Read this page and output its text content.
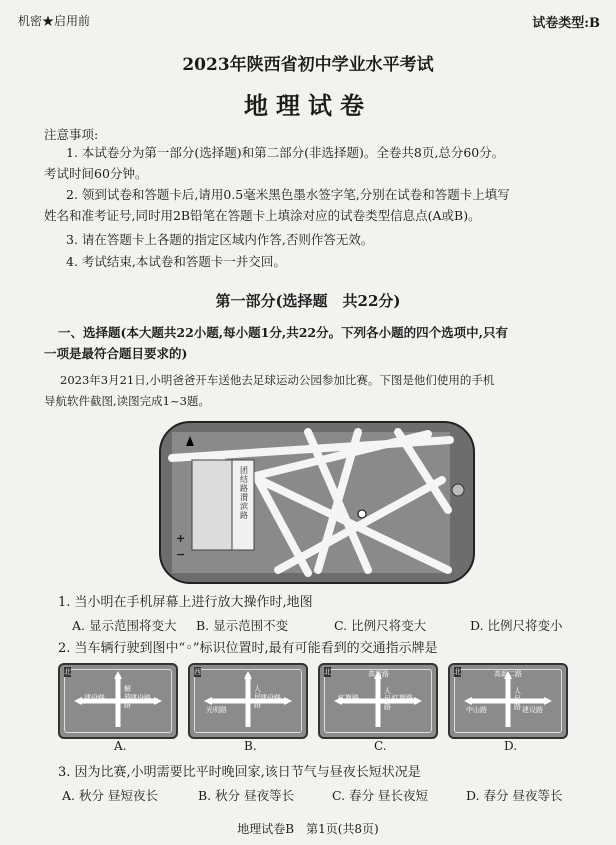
机密★启用前	试卷类型:B
2023年陕西省初中学业水平考试
地理试卷
注意事项:
1. 本试卷分为第一部分(选择题)和第二部分(非选择题)。全卷共8页,总分60分。
考试时间60分钟。
2. 领到试卷和答题卡后,请用0.5毫米黑色墨水签字笔,分别在试卷和答题卡上填写
姓名和准考证号,同时用2B铅笔在答题卡上填涂对应的试卷类型信息点(A或B)。
3. 请在答题卡上各题的指定区域内作答,否则作答无效。
4. 考试结束,本试卷和答题卡一并交回。
第一部分(选择题　共22分)
一、选择题(本大题共22小题,每小题1分,共22分。下列各小题的四个选项中,只有
一项是最符合题目要求的)
2023年3月21日,小明爸爸开车送他去足球运动公园参加比赛。下图是他们使用的手机
导航软件截图,读图完成1~3题。
团结路渭滨路
+
−
1. 当小明在手机屏幕上进行放大操作时,地图
A. 显示范围将变大 B. 显示范围不变	C. 比例尺将变大	D. 比例尺将变小
2. 当车辆行驶到图中“◦”标识位置时,最有可能看到的交通指示牌是
北
建设路	建设路
解放路
A.
西
光明路
建设路
人民路
B.
北	高新路
红旗路	红旗路
人民路
C.
北	高新二路
中山路	建设路
人民路
D.
3. 因为比赛,小明需要比平时晚回家,该日节气与昼夜长短状况是
A. 秋分 昼短夜长	B. 秋分 昼夜等长	C. 春分 昼长夜短	D. 春分 昼夜等长
地理试卷B　第1页(共8页)
